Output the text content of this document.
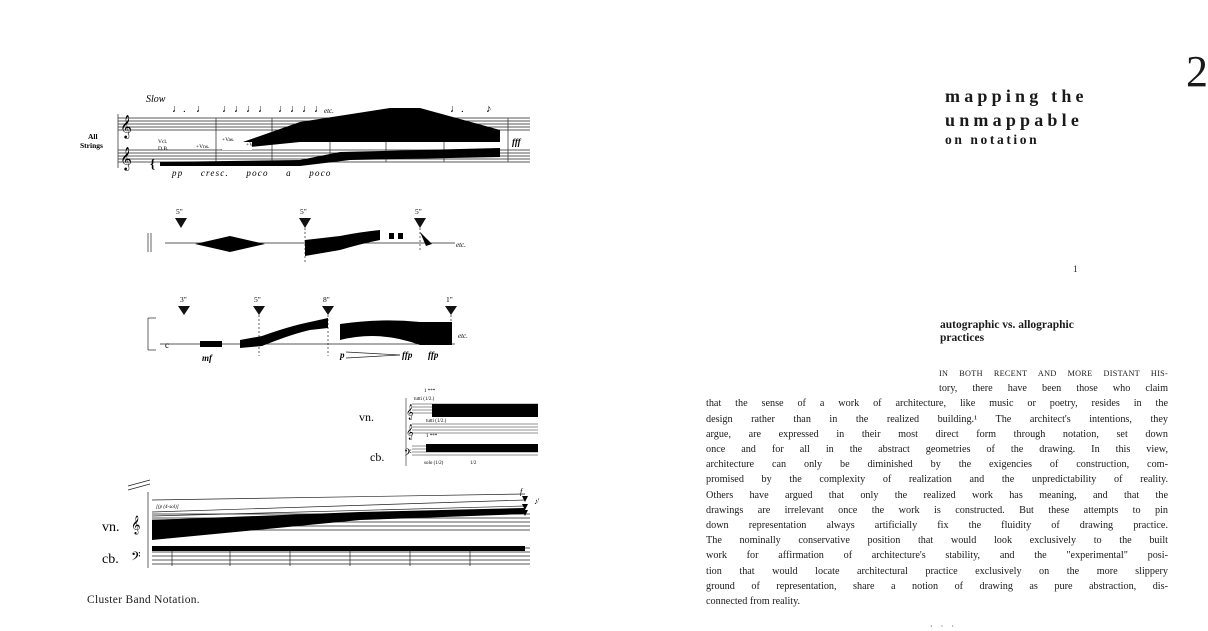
Slow
All
Strings
𝄞
𝄞 {
♩. ♩ ♩ ♩ ♩ ♩ ♩ ♩ ♩ ♩	♩. ♪
etc.
Vcl.
D.B.	+Vns.
+Vas.
+Vcl.	fff
pp cresc. poco a poco
5"	5"	5"
etc.
3"	5"	8"	1"
c
mf	p	ffp ffp
etc.
vn.
cb.
𝄞
𝄞
𝄢
1 ***
tutti (1/2.)
tutti (1/2.)
1 ***
solo (1/2)	1/2
vn.
cb.
𝄞
𝄢
[(p (4-sol)]
f
♪'
Cluster Band Notation.
2
mapping the
unmappable
on notation
1
autographic vs. allographic
practices
IN BOTH RECENT AND MORE DISTANT HIS-
tory, there have been those who claim
that the sense of a work of architecture, like music or poetry, resides in the
design rather than in the realized building.¹ The architect's intentions, they
argue, are expressed in their most direct form through notation, set down
once and for all in the abstract geometries of the drawing. In this view,
architecture can only be diminished by the exigencies of construction, com-
promised by the complexity of realization and the unpredictability of reality.
Others have argued that only the realized work has meaning, and that the
drawings are irrelevant once the work is constructed. But these attempts to pin
down representation always artificially fix the fluidity of drawing practice.
The nominally conservative position that would look exclusively to the built
work for affirmation of architecture's stability, and the "experimental" posi-
tion that would locate architectural practice exclusively on the more slippery
ground of representation, share a notion of drawing as pure abstraction, dis-
connected from reality.
· · ·
